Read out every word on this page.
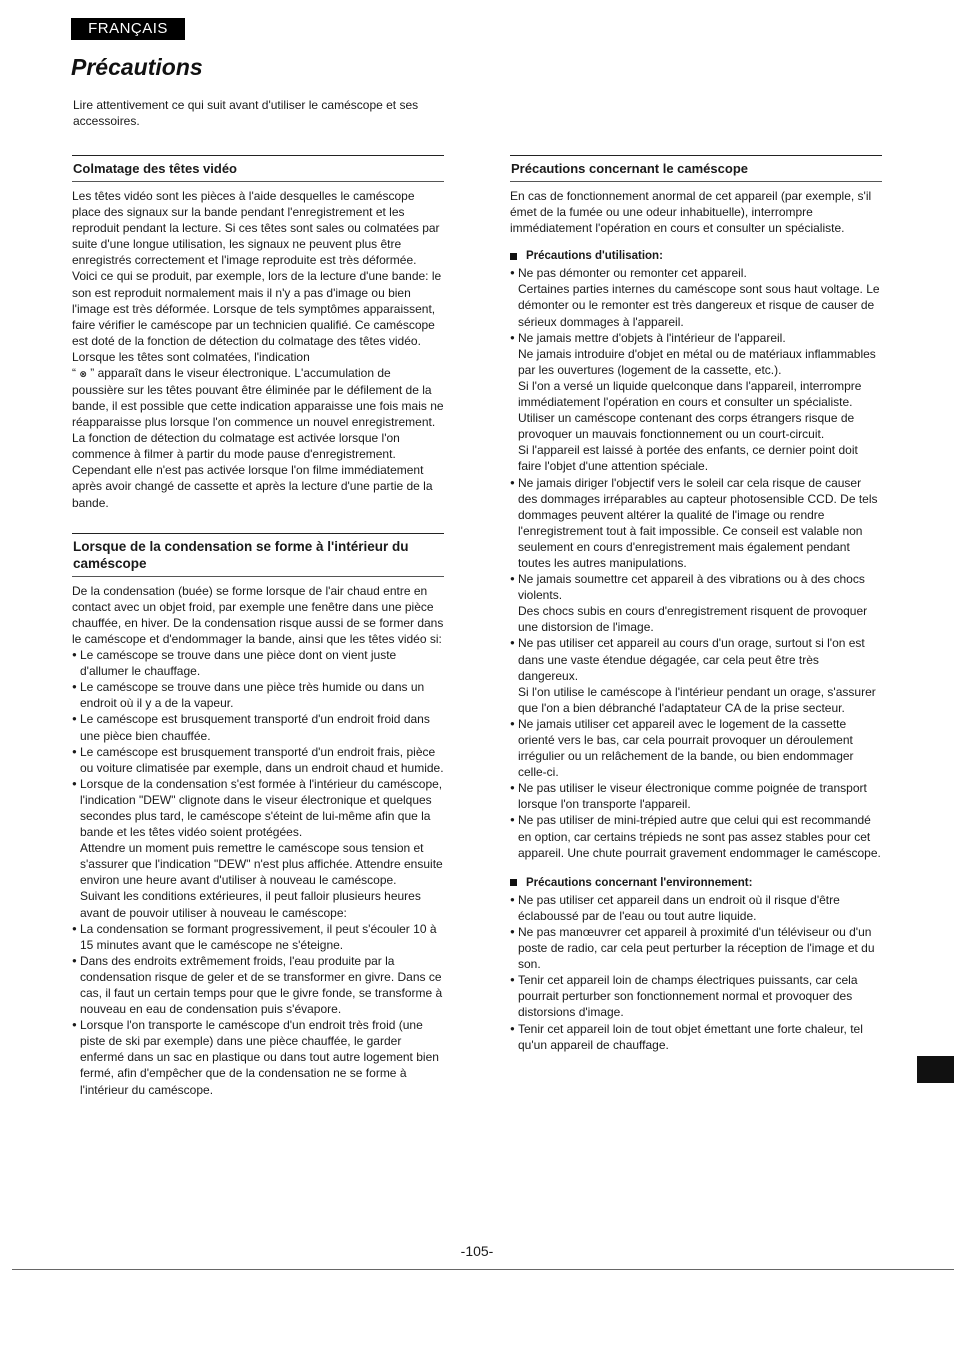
FRANÇAIS
Précautions

Lire attentivement ce qui suit avant d'utiliser le caméscope et ses accessoires.

Colmatage des têtes vidéo

Les têtes vidéo sont les pièces à l'aide desquelles le caméscope place des signaux sur la bande pendant l'enregistrement et les reproduit pendant la lecture. Si ces têtes sont sales ou colmatées par suite d'une longue utilisation, les signaux ne peuvent plus être enregistrés correctement et l'image reproduite est très déformée. Voici ce qui se produit, par exemple, lors de la lecture d'une bande: le son est reproduit normalement mais il n'y a pas d'image ou bien l'image est très déformée. Lorsque de tels symptômes apparaissent, faire vérifier le caméscope par un technicien qualifié. Ce caméscope est doté de la fonction de détection du colmatage des têtes vidéo. Lorsque les têtes sont colmatées, l'indication
“ ⊗ ” apparaît dans le viseur électronique. L'accumulation de poussière sur les têtes pouvant être éliminée par le défilement de la bande, il est possible que cette indication apparaisse une fois mais ne réapparaisse plus lorsque l'on commence un nouvel enregistrement.

La fonction de détection du colmatage est activée lorsque l'on commence à filmer à partir du mode pause d'enregistrement. Cependant elle n'est pas activée lorsque l'on filme immédiatement après avoir changé de cassette et après la lecture d'une partie de la bande.

Lorsque de la condensation se forme à l'intérieur du caméscope

De la condensation (buée) se forme lorsque de l'air chaud entre en contact avec un objet froid, par exemple une fenêtre dans une pièce chauffée, en hiver. De la condensation risque aussi de se former dans le caméscope et d'endommager la bande, ainsi que les têtes vidéo si:

● Le caméscope se trouve dans une pièce dont on vient juste d'allumer le chauffage.
● Le caméscope se trouve dans une pièce très humide ou dans un endroit où il y a de la vapeur.
● Le caméscope est brusquement transporté d'un endroit froid dans une pièce bien chauffée.
● Le caméscope est brusquement transporté d'un endroit frais, pièce ou voiture climatisée par exemple, dans un endroit chaud et humide.
● Lorsque de la condensation s'est formée à l'intérieur du caméscope, l'indication "DEW" clignote dans le viseur électronique et quelques secondes plus tard, le caméscope s'éteint de lui-même afin que la bande et les têtes vidéo soient protégées.
Attendre un moment puis remettre le caméscope sous tension et s'assurer que l'indication "DEW" n'est plus affichée. Attendre ensuite environ une heure avant d'utiliser à nouveau le caméscope.
Suivant les conditions extérieures, il peut falloir plusieurs heures avant de pouvoir utiliser à nouveau le caméscope:
● La condensation se formant progressivement, il peut s'écouler 10 à 15 minutes avant que le caméscope ne s'éteigne.
● Dans des endroits extrêmement froids, l'eau produite par la condensation risque de geler et de se transformer en givre. Dans ce cas, il faut un certain temps pour que le givre fonde, se transforme à nouveau en eau de condensation puis s'évapore.
● Lorsque l'on transporte le caméscope d'un endroit très froid (une piste de ski par exemple) dans une pièce chauffée, le garder enfermé dans un sac en plastique ou dans tout autre logement bien fermé, afin d'empêcher que de la condensation ne se forme à l'intérieur du caméscope.
Précautions concernant le caméscope

En cas de fonctionnement anormal de cet appareil (par exemple, s'il émet de la fumée ou une odeur inhabituelle), interrompre immédiatement l'opération en cours et consulter un spécialiste.

Précautions d'utilisation:
● Ne pas démonter ou remonter cet appareil.
Certaines parties internes du caméscope sont sous haut voltage. Le démonter ou le remonter est très dangereux et risque de causer de sérieux dommages à l'appareil.
● Ne jamais mettre d'objets à l'intérieur de l'appareil.
Ne jamais introduire d'objet en métal ou de matériaux inflammables par les ouvertures (logement de la cassette, etc.).
Si l'on a versé un liquide quelconque dans l'appareil, interrompre immédiatement l'opération en cours et consulter un spécialiste.
Utiliser un caméscope contenant des corps étrangers risque de provoquer un mauvais fonctionnement ou un court-circuit.
Si l'appareil est laissé à portée des enfants, ce dernier point doit faire l'objet d'une attention spéciale.
● Ne jamais diriger l'objectif vers le soleil car cela risque de causer des dommages irréparables au capteur photosensible CCD. De tels dommages peuvent altérer la qualité de l'image ou rendre l'enregistrement tout à fait impossible. Ce conseil est valable non seulement en cours d'enregistrement mais également pendant toutes les autres manipulations.
● Ne jamais soumettre cet appareil à des vibrations ou à des chocs violents.
Des chocs subis en cours d'enregistrement risquent de provoquer une distorsion de l'image.
● Ne pas utiliser cet appareil au cours d'un orage, surtout si l'on est dans une vaste étendue dégagée, car cela peut être très dangereux.
Si l'on utilise le caméscope à l'intérieur pendant un orage, s'assurer que l'on a bien débranché l'adaptateur CA de la prise secteur.
● Ne jamais utiliser cet appareil avec le logement de la cassette orienté vers le bas, car cela pourrait provoquer un déroulement irrégulier ou un relâchement de la bande, ou bien endommager celle-ci.
● Ne pas utiliser le viseur électronique comme poignée de transport lorsque l'on transporte l'appareil.
● Ne pas utiliser de mini-trépied autre que celui qui est recommandé en option, car certains trépieds ne sont pas assez stables pour cet appareil. Une chute pourrait gravement endommager le caméscope.
Précautions concernant l'environnement:
● Ne pas utiliser cet appareil dans un endroit où il risque d'être éclaboussé par de l'eau ou tout autre liquide.
● Ne pas manœuvrer cet appareil à proximité d'un téléviseur ou d'un poste de radio, car cela peut perturber la réception de l'image et du son.
● Tenir cet appareil loin de champs électriques puissants, car cela pourrait perturber son fonctionnement normal et provoquer des distorsions d'image.
● Tenir cet appareil loin de tout objet émettant une forte chaleur, tel qu'un appareil de chauffage.
-105-
